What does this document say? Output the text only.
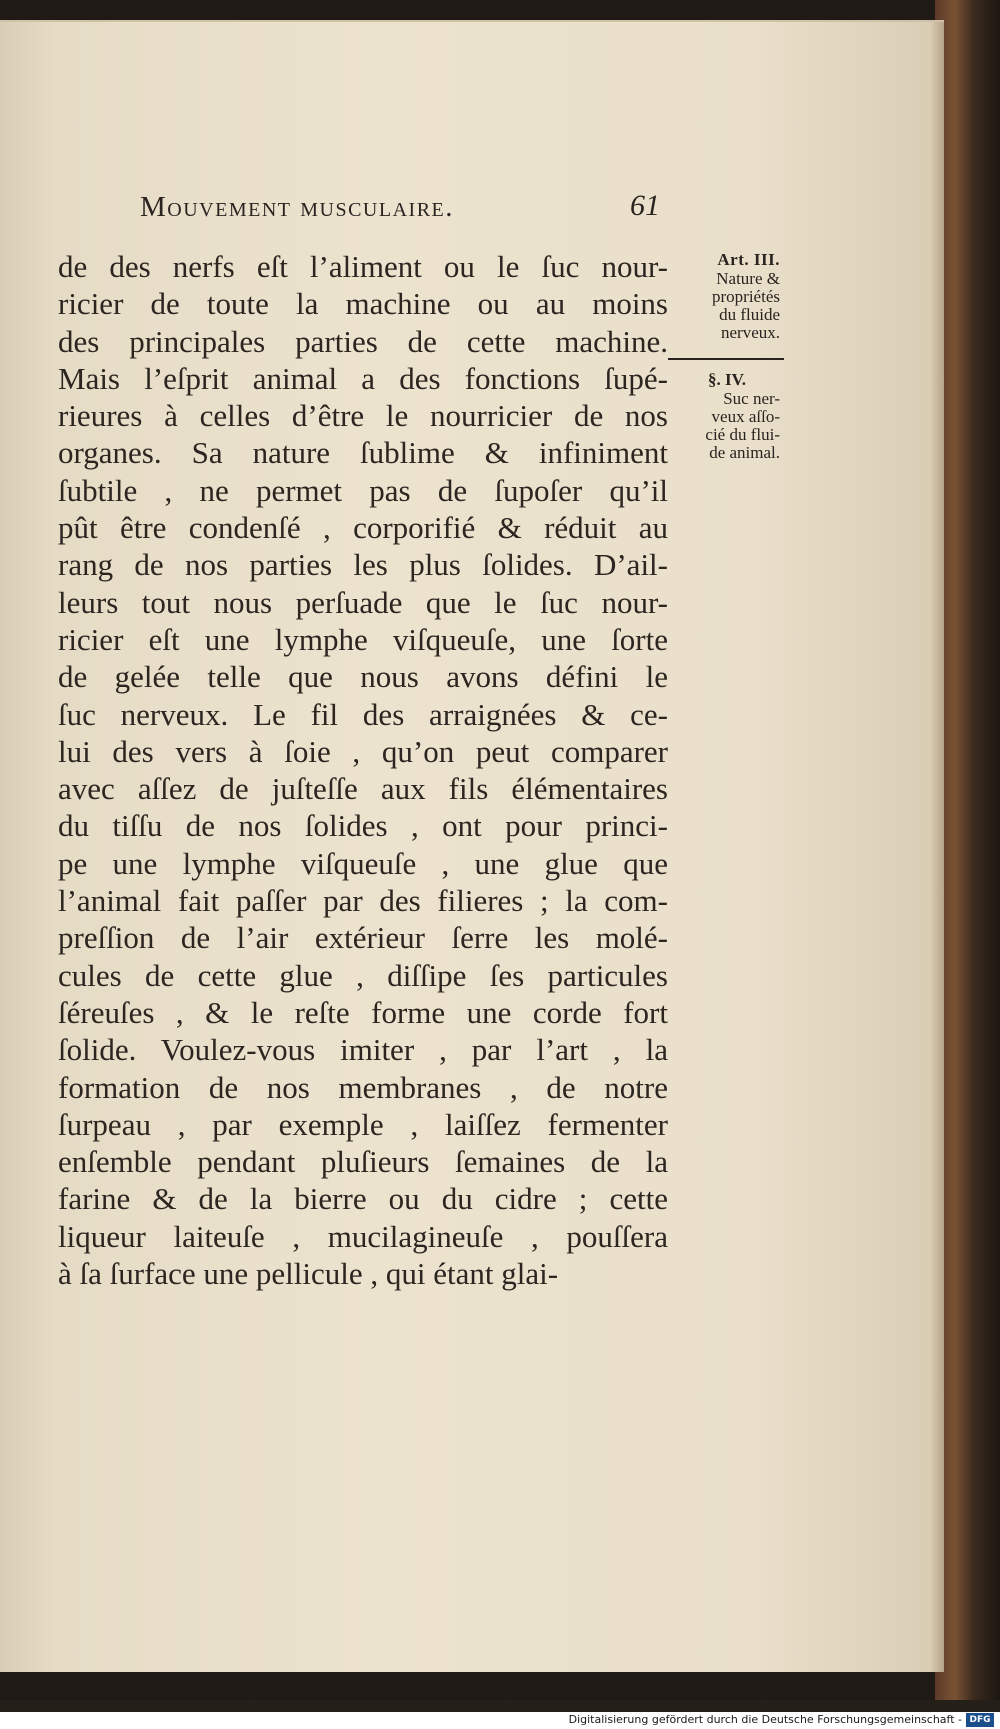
Mouvement musculaire.	61
de des nerfs eſt l’aliment ou le ſuc nour-
ricier de toute la machine ou au moins
des principales parties de cette machine.
Mais l’eſprit animal a des fonctions ſupé-
rieures à celles d’être le nourricier de nos
organes. Sa nature ſublime & infiniment
ſubtile , ne permet pas de ſupoſer qu’il
pût être condenſé , corporifié & réduit au
rang de nos parties les plus ſolides. D’ail-
leurs tout nous perſuade que le ſuc nour-
ricier eſt une lymphe viſqueuſe, une ſorte
de gelée telle que nous avons défini le
ſuc nerveux. Le fil des arraignées & ce-
lui des vers à ſoie , qu’on peut comparer
avec aſſez de juſteſſe aux fils élémentaires
du tiſſu de nos ſolides , ont pour princi-
pe une lymphe viſqueuſe , une glue que
l’animal fait paſſer par des filieres ; la com-
preſſion de l’air extérieur ſerre les molé-
cules de cette glue , diſſipe ſes particules
ſéreuſes , & le reſte forme une corde fort
ſolide. Voulez-vous imiter , par l’art , la
formation de nos membranes , de notre
ſurpeau , par exemple , laiſſez fermenter
enſemble pendant pluſieurs ſemaines de la
farine & de la bierre ou du cidre ; cette
liqueur laiteuſe , mucilagineuſe , pouſſera
à ſa ſurface une pellicule , qui étant glai-
Art. III.
Nature &
propriétés
du fluide
nerveux.
§. IV.
Suc ner-
veux aſſo-
cié du flui-
de animal.
Digitalisierung gefördert durch die Deutsche Forschungsgemeinschaft - DFG
